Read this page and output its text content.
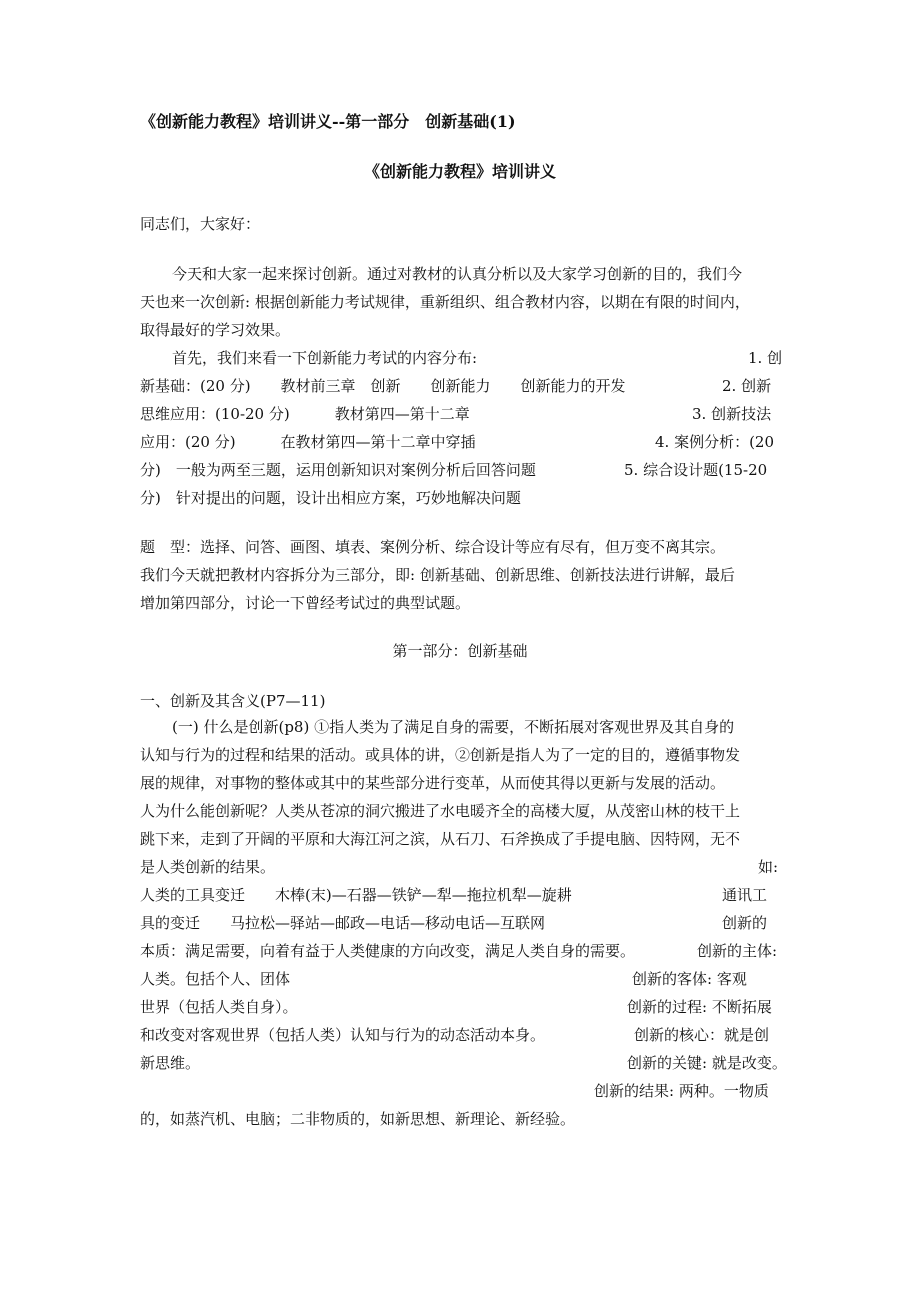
《创新能力教程》培训讲义--第一部分　创新基础(1)
《创新能力教程》培训讲义
同志们，大家好：
今天和大家一起来探讨创新。通过对教材的认真分析以及大家学习创新的目的，我们今
天也来一次创新: 根据创新能力考试规律，重新组织、组合教材内容，以期在有限的时间内，
取得最好的学习效果。
首先，我们来看一下创新能力考试的内容分布:	1. 创
新基础：(20 分)　　教材前三章　创新　　创新能力　　创新能力的开发	2. 创新
思维应用：(10-20 分)　　　教材第四—第十二章	3. 创新技法
应用：(20 分)　　　在教材第四—第十二章中穿插	4. 案例分析：(20
分)　一般为两至三题，运用创新知识对案例分析后回答问题	5. 综合设计题(15-20
分)　针对提出的问题，设计出相应方案，巧妙地解决问题
题　型：选择、问答、画图、填表、案例分析、综合设计等应有尽有，但万变不离其宗。
我们今天就把教材内容拆分为三部分，即: 创新基础、创新思维、创新技法进行讲解，最后
增加第四部分，讨论一下曾经考试过的典型试题。
第一部分：创新基础
一、创新及其含义(P7—11)
(一) 什么是创新(p8) ①指人类为了满足自身的需要，不断拓展对客观世界及其自身的
认知与行为的过程和结果的活动。或具体的讲，②创新是指人为了一定的目的，遵循事物发
展的规律，对事物的整体或其中的某些部分进行变革，从而使其得以更新与发展的活动。
人为什么能创新呢？人类从苍凉的洞穴搬进了水电暖齐全的高楼大厦，从茂密山林的枝干上
跳下来，走到了开阔的平原和大海江河之滨，从石刀、石斧换成了手提电脑、因特网，无不
是人类创新的结果。	如:
人类的工具变迁　　木棒(末)—石器—铁铲—犁—拖拉机犁—旋耕	通讯工
具的变迁　　马拉松—驿站—邮政—电话—移动电话—互联网	创新的
本质：满足需要，向着有益于人类健康的方向改变，满足人类自身的需要。	创新的主体:
人类。包括个人、团体	创新的客体: 客观
世界（包括人类自身）。	创新的过程: 不断拓展
和改变对客观世界（包括人类）认知与行为的动态活动本身。	创新的核心：就是创
新思维。	创新的关键: 就是改变。
创新的结果: 两种。一物质
的，如蒸汽机、电脑；二非物质的，如新思想、新理论、新经验。
